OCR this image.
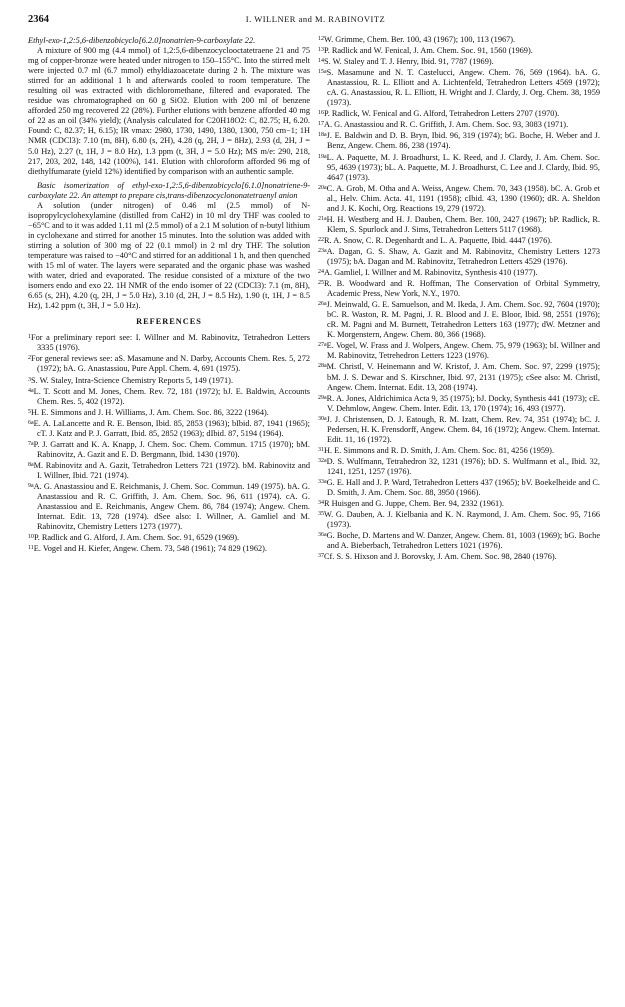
2364	I. WILLNER and M. RABINOVITZ

Ethyl-exo-1,2:5,6-dibenzobicyclo[6.2.0]nonatrien-9-carboxylate 22.

A mixture of 900 mg (4.4 mmol) of 1,2:5,6-dibenzocyclooctatetraene 21 and 75 mg of copper-bronze were heated under nitrogen to 150–155°C. Into the stirred melt were injected 0.7 ml (6.7 mmol) ethyldiazoacetate during 2 h. The mixture was stirred for an additional 1 h and afterwards cooled to room temperature. The resulting oil was extracted with dichloromethane, filtered and evaporated. The residue was chromatographed on 60 g SiO2. Elution with 200 ml of benzene afforded 250 mg recovered 22 (28%). Further elutions with benzene afforded 40 mg of 22 as an oil (34% yield); (Analysis calculated for C20H18O2: C, 82.75; H, 6.20. Found: C, 82.37; H, 6.15); IR νmax: 2980, 1730, 1490, 1380, 1300, 750 cm−1; 1H NMR (CDCl3): 7.10 (m, 8H), 6.80 (s, 2H), 4.28 (q, 2H, J = 8Hz), 2.93 (d, 2H, J = 5.0 Hz), 2.27 (t, 1H, J = 8.0 Hz), 1.3 ppm (t, 3H, J = 5.0 Hz); MS m/e: 290, 218, 217, 203, 202, 148, 142 (100%), 141. Elution with chloroform afforded 96 mg of diethylfumarate (yield 12%) identified by comparison with an authentic sample.

Basic isomerization of ethyl-exo-1,2:5,6-dibenzobicyclo[6.1.0]nonatriene-9-carboxylate 22. An attempt to prepare cis,trans-dibenzocyclononatetraenyl anion

A solution (under nitrogen) of 0.46 ml (2.5 mmol) of N-isopropylcyclohexylamine (distilled from CaH2) in 10 ml dry THF was cooled to −65°C and to it was added 1.11 ml (2.5 mmol) of a 2.1 M solution of n-butyl lithium in cyclohexane and stirred for another 15 minutes. Into the solution was added with stirring a solution of 300 mg of 22 (0.1 mmol) in 2 ml dry THF. The solution temperature was raised to −40°C and stirred for an additional 1 h, and then quenched with 15 ml of water. The layers were separated and the organic phase was washed with water, dried and evaporated. The residue consisted of a mixture of the two isomers endo and exo 22. 1H NMR of the endo isomer of 22 (CDCl3): 7.1 (m, 8H), 6.65 (s, 2H), 4.20 (q, 2H, J = 5.0 Hz), 3.10 (d, 2H, J = 8.5 Hz), 1.90 (t, 1H, J = 8.5 Hz), 1.42 ppm (t, 3H, J = 5.0 Hz).

REFERENCES

$^1$For a preliminary report see: I. Willner and M. Rabinovitz, Tetrahedron Letters 3335 (1976).

$^2$For general reviews see: aS. Masamune and N. Darby, Accounts Chem. Res. 5, 272 (1972); bA. G. Anastassiou, Pure Appl. Chem. 4, 691 (1975).

$^3$S. W. Staley, Intra-Science Chemistry Reports 5, 149 (1971).

$^{4a}$L. T. Scott and M. Jones, Chem. Rev. 72, 181 (1972); bJ. E. Baldwin, Accounts Chem. Res. 5, 402 (1972).

$^5$H. E. Simmons and J. H. Williams, J. Am. Chem. Soc. 86, 3222 (1964).

$^{6a}$E. A. LaLancette and R. E. Benson, Ibid. 85, 2853 (1963); bIbid. 87, 1941 (1965); cT. J. Katz and P. J. Garratt, Ibid. 85, 2852 (1963); dIbid. 87, 5194 (1964).

$^{7a}$P. J. Garratt and K. A. Knapp, J. Chem. Soc. Chem. Commun. 1715 (1970); bM. Rabinovitz, A. Gazit and E. D. Bergmann, Ibid. 1430 (1970).

$^{8a}$M. Rabinovitz and A. Gazit, Tetrahedron Letters 721 (1972). bM. Rabinovitz and I. Willner, Ibid. 721 (1974).

$^{9a}$A. G. Anastassiou and E. Reichmanis, J. Chem. Soc. Commun. 149 (1975). bA. G. Anastassiou and R. C. Griffith, J. Am. Chem. Soc. 96, 611 (1974). cA. G. Anastassiou and E. Reichmanis, Angew Chem. 86, 784 (1974); Angew. Chem. Internat. Edit. 13, 728 (1974). dSee also: I. Willner, A. Gamliel and M. Rabinovitz, Chemistry Letters 1273 (1977).

$^{10}$P. Radlick and G. Alford, J. Am. Chem. Soc. 91, 6529 (1969).

$^{11}$E. Vogel and H. Kiefer, Angew. Chem. 73, 548 (1961); 74 829 (1962).

$^{12}$W. Grimme, Chem. Ber. 100, 43 (1967); 100, 113 (1967).

$^{13}$P. Radlick and W. Fenical, J. Am. Chem. Soc. 91, 1560 (1969).

$^{14}$S. W. Staley and T. J. Henry, Ibid. 91, 7787 (1969).

$^{15a}$S. Masamune and N. T. Castelucci, Angew. Chem. 76, 569 (1964). bA. G. Anastassiou, R. L. Elliott and A. Lichtenfeld, Tetrahedron Letters 4569 (1972); cA. G. Anastassiou, R. L. Elliott, H. Wright and J. Clardy, J. Org. Chem. 38, 1959 (1973).

$^{16}$P. Radlick, W. Fenical and G. Alford, Tetrahedron Letters 2707 (1970).

$^{17}$A. G. Anastassiou and R. C. Griffith, J. Am. Chem. Soc. 93, 3083 (1971).

$^{18a}$J. E. Baldwin and D. B. Bryn, Ibid. 96, 319 (1974); bG. Boche, H. Weber and J. Benz, Angew. Chem. 86, 238 (1974).

$^{19a}$L. A. Paquette, M. J. Broadhurst, L. K. Reed, and J. Clardy, J. Am. Chem. Soc. 95, 4639 (1973); bL. A. Paquette, M. J. Broadhurst, C. Lee and J. Clardy, Ibid. 95, 4647 (1973).

$^{20a}$C. A. Grob, M. Otha and A. Weiss, Angew. Chem. 70, 343 (1958). bC. A. Grob et al., Helv. Chim. Acta. 41, 1191 (1958); cIbid. 43, 1390 (1960); dR. A. Sheldon and J. K. Kochi, Org. Reactions 19, 279 (1972).

$^{21a}$H. H. Westberg and H. J. Dauben, Chem. Ber. 100, 2427 (1967); bP. Radlick, R. Klem, S. Spurlock and J. Sims, Tetrahedron Letters 5117 (1968).

$^{22}$R. A. Snow, C. R. Degenhardt and L. A. Paquette, Ibid. 4447 (1976).

$^{23a}$A. Dagan, G. S. Shaw, A. Gazit and M. Rabinovitz, Chemistry Letters 1273 (1975); bA. Dagan and M. Rabinovitz, Tetrahedron Letters 4529 (1976).

$^{24}$A. Gamliel, I. Willner and M. Rabinovitz, Synthesis 410 (1977).

$^{25}$R. B. Woodward and R. Hoffman, The Conservation of Orbital Symmetry, Academic Press, New York, N.Y., 1970.

$^{26a}$J. Meinwald, G. E. Samuelson, and M. Ikeda, J. Am. Chem. Soc. 92, 7604 (1970); bC. R. Waston, R. M. Pagni, J. R. Blood and J. E. Bloor, Ibid. 98, 2551 (1976); cR. M. Pagni and M. Burnett, Tetrahedron Letters 163 (1977); dW. Metzner and K. Morgenstern, Angew. Chem. 80, 366 (1968).

$^{27a}$E. Vogel, W. Frass and J. Wolpers, Angew. Chem. 75, 979 (1963); bI. Willner and M. Rabinovitz, Tetrehedron Letters 1223 (1976).

$^{28a}$M. Christl, V. Heinemann and W. Kristof, J. Am. Chem. Soc. 97, 2299 (1975); bM. J. S. Dewar and S. Kirschner, Ibid. 97, 2131 (1975); cSee also: M. Christl, Angew. Chem. Internat. Edit. 13, 208 (1974).

$^{29a}$R. A. Jones, Aldrichimica Acta 9, 35 (1975); bJ. Docky, Synthesis 441 (1973); cE. V. Dehmlow, Angew. Chem. Inter. Edit. 13, 170 (1974); 16, 493 (1977).

$^{30a}$J. J. Christensen, D. J. Eatough, R. M. Izatt, Chem. Rev. 74, 351 (1974); bC. J. Pedersen, H. K. Frensdorff, Angew. Chem. 84, 16 (1972); Angew. Chem. Internat. Edit. 11, 16 (1972).

$^{31}$H. E. Simmons and R. D. Smith, J. Am. Chem. Soc. 81, 4256 (1959).

$^{32a}$D. S. Wulfmann, Tetrahedron 32, 1231 (1976); bD. S. Wulfmann et al., Ibid. 32, 1241, 1251, 1257 (1976).

$^{33a}$G. E. Hall and J. P. Ward, Tetrahedron Letters 437 (1965); bV. Boekelheide and C. D. Smith, J. Am. Chem. Soc. 88, 3950 (1966).

$^{34}$R Huisgen and G. Juppe, Chem. Ber. 94, 2332 (1961).

$^{35}$W. G. Dauben, A. J. Kielbania and K. N. Raymond, J. Am. Chem. Soc. 95, 7166 (1973).

$^{36a}$G. Boche, D. Martens and W. Danzer, Angew. Chem. 81, 1003 (1969); bG. Boche and A. Bieberbach, Tetrahedron Letters 1021 (1976).

$^{37}$Cf. S. S. Hixson and J. Borovsky, J. Am. Chem. Soc. 98, 2840 (1976).
